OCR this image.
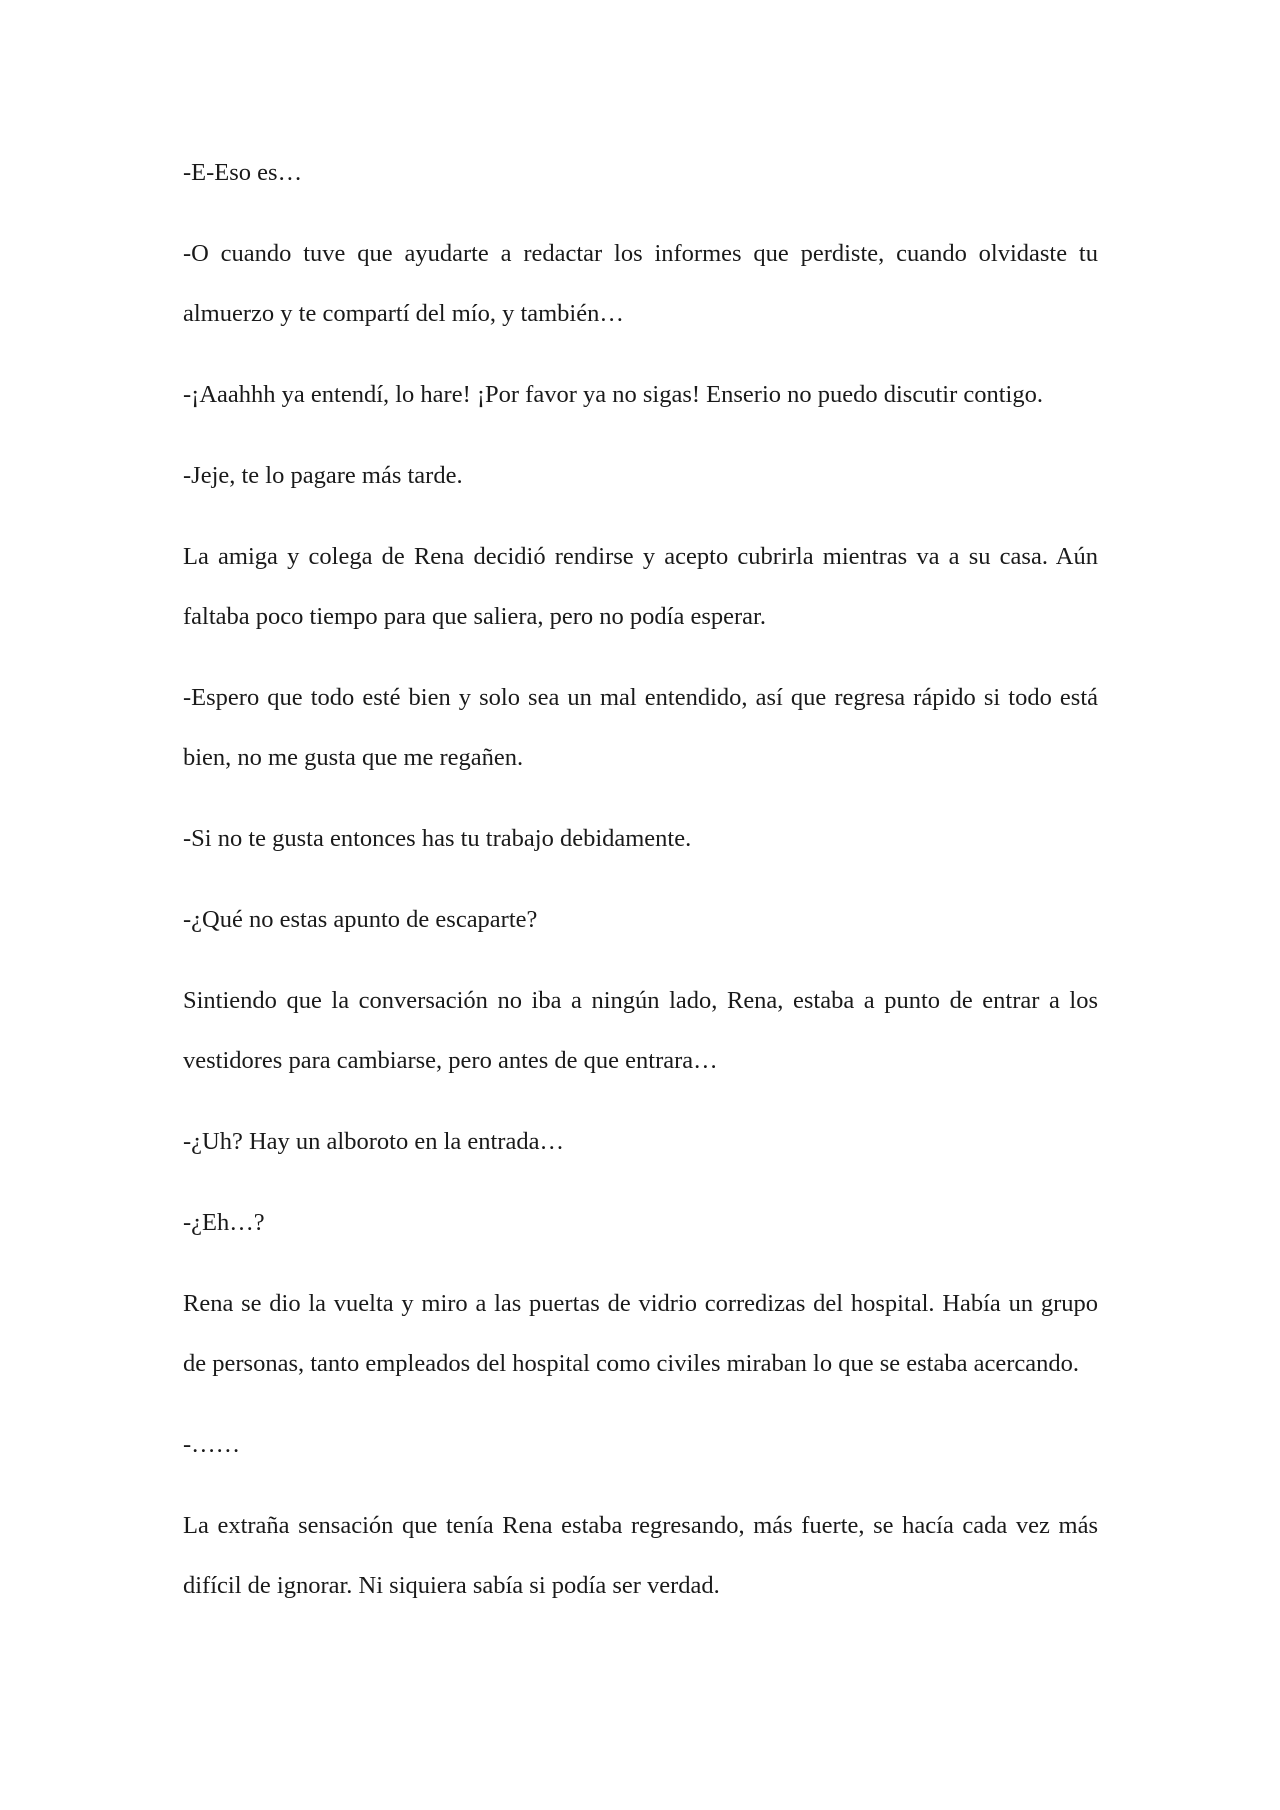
-E-Eso es…

-O cuando tuve que ayudarte a redactar los informes que perdiste, cuando olvidaste tu almuerzo y te compartí del mío, y también…

-¡Aaahhh ya entendí, lo hare! ¡Por favor ya no sigas! Enserio no puedo discutir contigo.

-Jeje, te lo pagare más tarde.

La amiga y colega de Rena decidió rendirse y acepto cubrirla mientras va a su casa. Aún faltaba poco tiempo para que saliera, pero no podía esperar.

-Espero que todo esté bien y solo sea un mal entendido, así que regresa rápido si todo está bien, no me gusta que me regañen.

-Si no te gusta entonces has tu trabajo debidamente.

-¿Qué no estas apunto de escaparte?

Sintiendo que la conversación no iba a ningún lado, Rena, estaba a punto de entrar a los vestidores para cambiarse, pero antes de que entrara…

-¿Uh? Hay un alboroto en la entrada…

-¿Eh…?

Rena se dio la vuelta y miro a las puertas de vidrio corredizas del hospital. Había un grupo de personas, tanto empleados del hospital como civiles miraban lo que se estaba acercando.

-……

La extraña sensación que tenía Rena estaba regresando, más fuerte, se hacía cada vez más difícil de ignorar. Ni siquiera sabía si podía ser verdad.
